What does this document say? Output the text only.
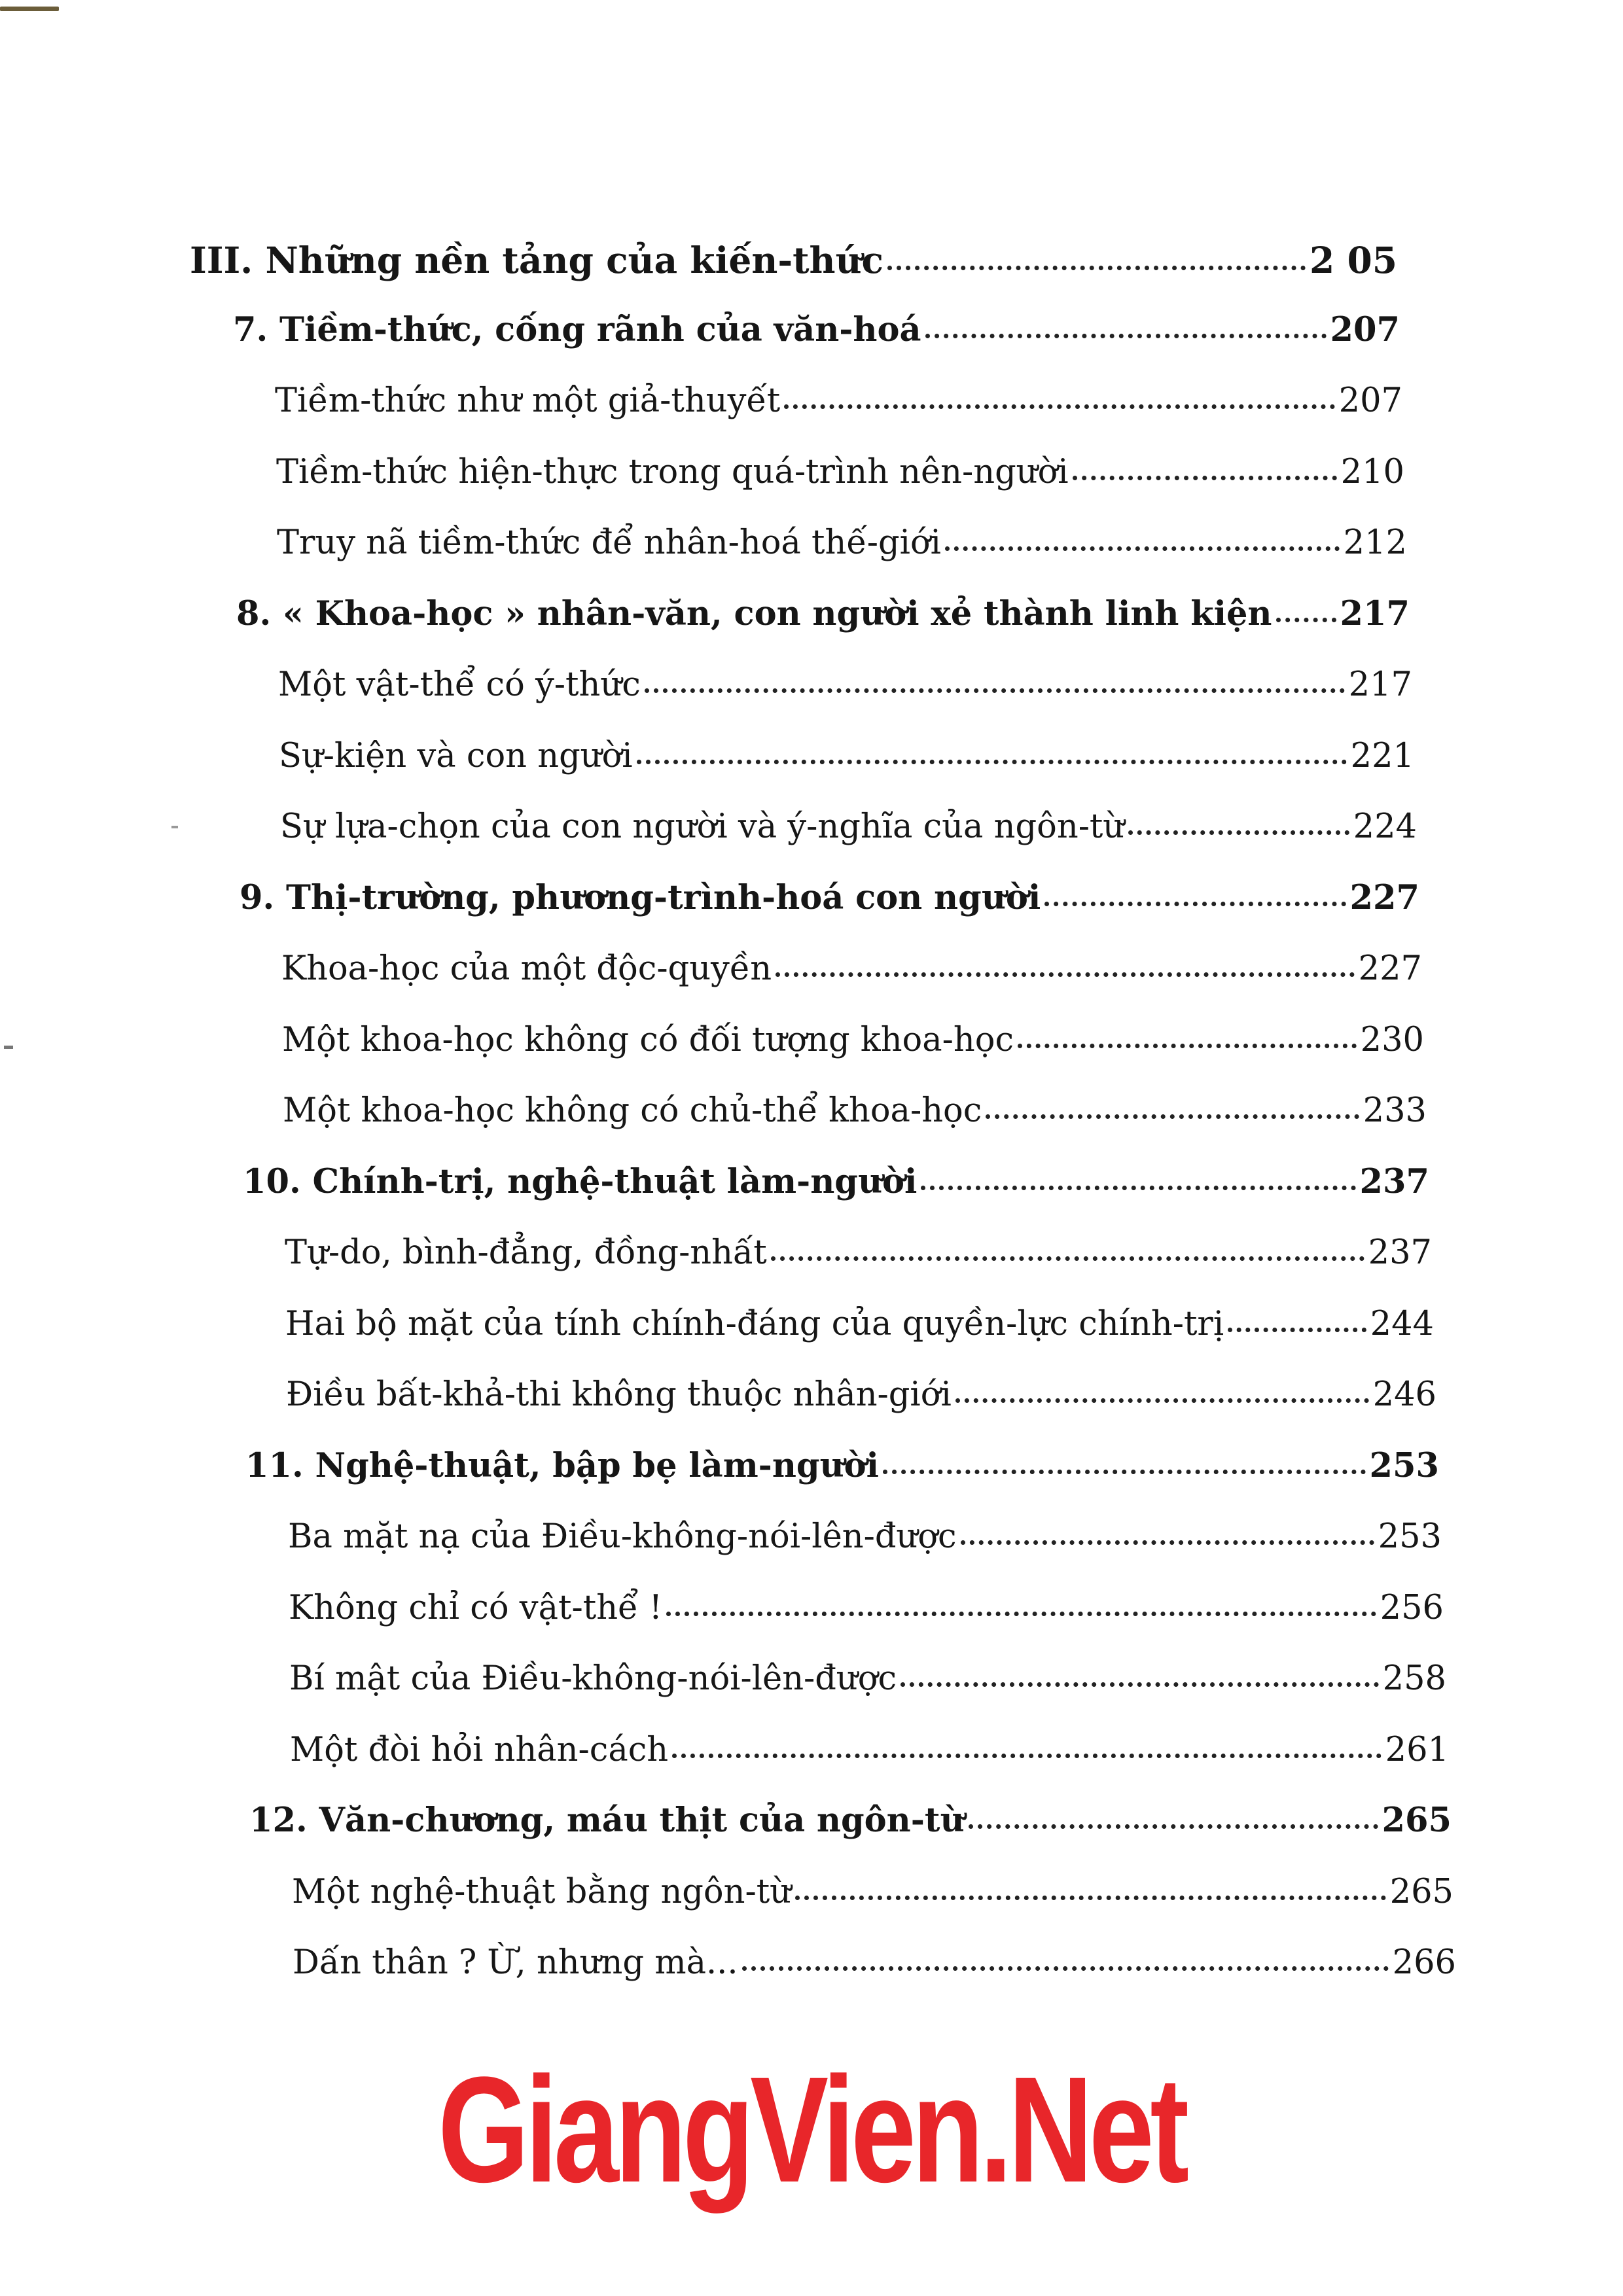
III. Những nền tảng của kiến-thức	2 05
7. Tiềm-thức, cống rãnh của văn-hoá	207
Tiềm-thức như một giả-thuyết	207
Tiềm-thức hiện-thực trong quá-trình nên-người	210
Truy nã tiềm-thức để nhân-hoá thế-giới	212
8. « Khoa-học » nhân-văn, con người xẻ thành linh kiện 217
Một vật-thể có ý-thức	217
Sự-kiện và con người	221
Sự lựa-chọn của con người và ý-nghĩa của ngôn-từ	224
9. Thị-trường, phương-trình-hoá con người	227
Khoa-học của một độc-quyền	227
Một khoa-học không có đối tượng khoa-học	230
Một khoa-học không có chủ-thể khoa-học	233
10. Chính-trị, nghệ-thuật làm-người	237
Tự-do, bình-đẳng, đồng-nhất	237
Hai bộ mặt của tính chính-đáng của quyền-lực chính-trị	244
Điều bất-khả-thi không thuộc nhân-giới	246
11. Nghệ-thuật, bập bẹ làm-người	253
Ba mặt nạ của Điều-không-nói-lên-được	253
Không chỉ có vật-thể !	256
Bí mật của Điều-không-nói-lên-được	258
Một đòi hỏi nhân-cách	261
12. Văn-chương, máu thịt của ngôn-từ	265
Một nghệ-thuật bằng ngôn-từ	265
Dấn thân ? Ừ, nhưng mà...	266
GiangVien.Net
